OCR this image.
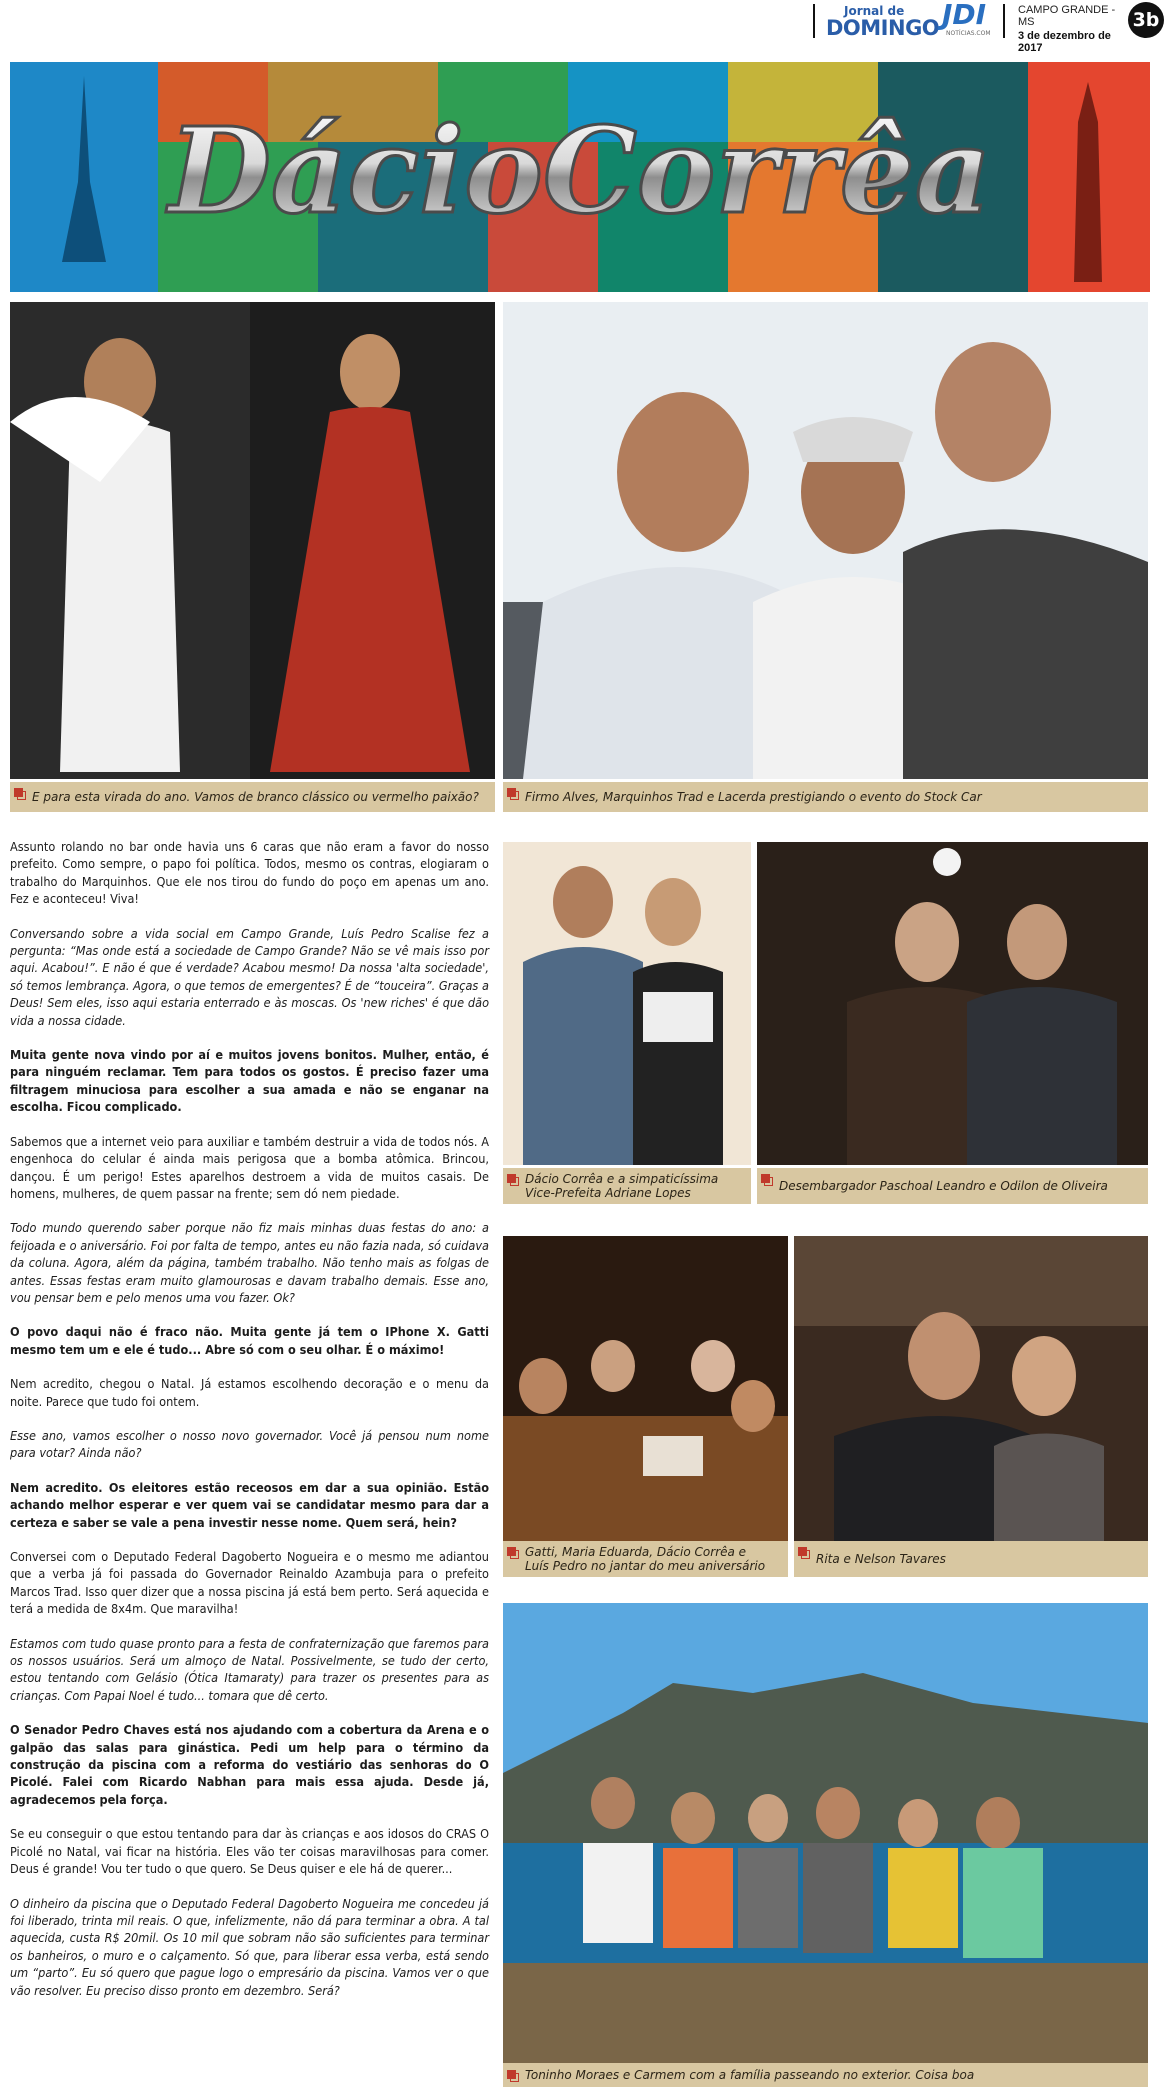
Jornal de
DOMINGO JDI
NOTÍCIAS.COM
CAMPO GRANDE - MS
3 de dezembro de 2017
3b
DácioCorrêa
E para esta virada do ano. Vamos de branco clássico ou vermelho paixão?	Firmo Alves, Marquinhos Trad e Lacerda prestigiando o evento do Stock Car

Assunto rolando no bar onde havia uns 6 caras que não eram a favor do nosso prefeito. Como sempre, o papo foi política. Todos, mesmo os contras, elogiaram o trabalho do Marquinhos. Que ele nos tirou do fundo do poço em apenas um ano. Fez e aconteceu! Viva!

Conversando sobre a vida social em Campo Grande, Luís Pedro Scalise fez a pergunta: “Mas onde está a sociedade de Campo Grande? Não se vê mais isso por aqui. Acabou!”. E não é que é verdade? Acabou mesmo! Da nossa 'alta sociedade', só temos lembrança. Agora, o que temos de emergentes? É de “touceira”. Graças a Deus! Sem eles, isso aqui estaria enterrado e às moscas. Os 'new riches' é que dão vida a nossa cidade.

Muita gente nova vindo por aí e muitos jovens bonitos. Mulher, então, é para ninguém reclamar. Tem para todos os gostos. É preciso fazer uma filtragem minuciosa para escolher a sua amada e não se enganar na escolha. Ficou complicado.

Sabemos que a internet veio para auxiliar e também destruir a vida de todos nós. A engenhoca do celular é ainda mais perigosa que a bomba atômica. Brincou, dançou. É um perigo! Estes aparelhos destroem a vida de muitos casais. De homens, mulheres, de quem passar na frente; sem dó nem piedade.

Todo mundo querendo saber porque não fiz mais minhas duas festas do ano: a feijoada e o aniversário. Foi por falta de tempo, antes eu não fazia nada, só cuidava da coluna. Agora, além da página, também trabalho. Não tenho mais as folgas de antes. Essas festas eram muito glamourosas e davam trabalho demais. Esse ano, vou pensar bem e pelo menos uma vou fazer. Ok?

O povo daqui não é fraco não. Muita gente já tem o IPhone X. Gatti mesmo tem um e ele é tudo... Abre só com o seu olhar. É o máximo!

Nem acredito, chegou o Natal. Já estamos escolhendo decoração e o menu da noite. Parece que tudo foi ontem.

Esse ano, vamos escolher o nosso novo governador. Você já pensou num nome para votar? Ainda não?

Nem acredito. Os eleitores estão receosos em dar a sua opinião. Estão achando melhor esperar e ver quem vai se candidatar mesmo para dar a certeza e saber se vale a pena investir nesse nome. Quem será, hein?

Conversei com o Deputado Federal Dagoberto Nogueira e o mesmo me adiantou que a verba já foi passada do Governador Reinaldo Azambuja para o prefeito Marcos Trad. Isso quer dizer que a nossa piscina já está bem perto. Será aquecida e terá a medida de 8x4m. Que maravilha!

Estamos com tudo quase pronto para a festa de confraternização que faremos para os nossos usuários. Será um almoço de Natal. Possivelmente, se tudo der certo, estou tentando com Gelásio (Ótica Itamaraty) para trazer os presentes para as crianças. Com Papai Noel é tudo... tomara que dê certo.

O Senador Pedro Chaves está nos ajudando com a cobertura da Arena e o galpão das salas para ginástica. Pedi um help para o término da construção da piscina com a reforma do vestiário das senhoras do O Picolé. Falei com Ricardo Nabhan para mais essa ajuda. Desde já, agradecemos pela força.

Se eu conseguir o que estou tentando para dar às crianças e aos idosos do CRAS O Picolé no Natal, vai ficar na história. Eles vão ter coisas maravilhosas para comer. Deus é grande! Vou ter tudo o que quero. Se Deus quiser e ele há de querer...

O dinheiro da piscina que o Deputado Federal Dagoberto Nogueira me concedeu já foi liberado, trinta mil reais. O que, infelizmente, não dá para terminar a obra. A tal aquecida, custa R$ 20mil. Os 10 mil que sobram não são suficientes para terminar os banheiros, o muro e o calçamento. Só que, para liberar essa verba, está sendo um “parto”. Eu só quero que pague logo o empresário da piscina. Vamos ver o que vão resolver. Eu preciso disso pronto em dezembro. Será?

Dácio Corrêa e a simpaticíssima
Vice-Prefeita Adriane Lopes	Desembargador Paschoal Leandro e Odilon de Oliveira
Gatti, Maria Eduarda, Dácio Corrêa e
Luís Pedro no jantar do meu aniversário	Rita e Nelson Tavares
Toninho Moraes e Carmem com a família passeando no exterior. Coisa boa
